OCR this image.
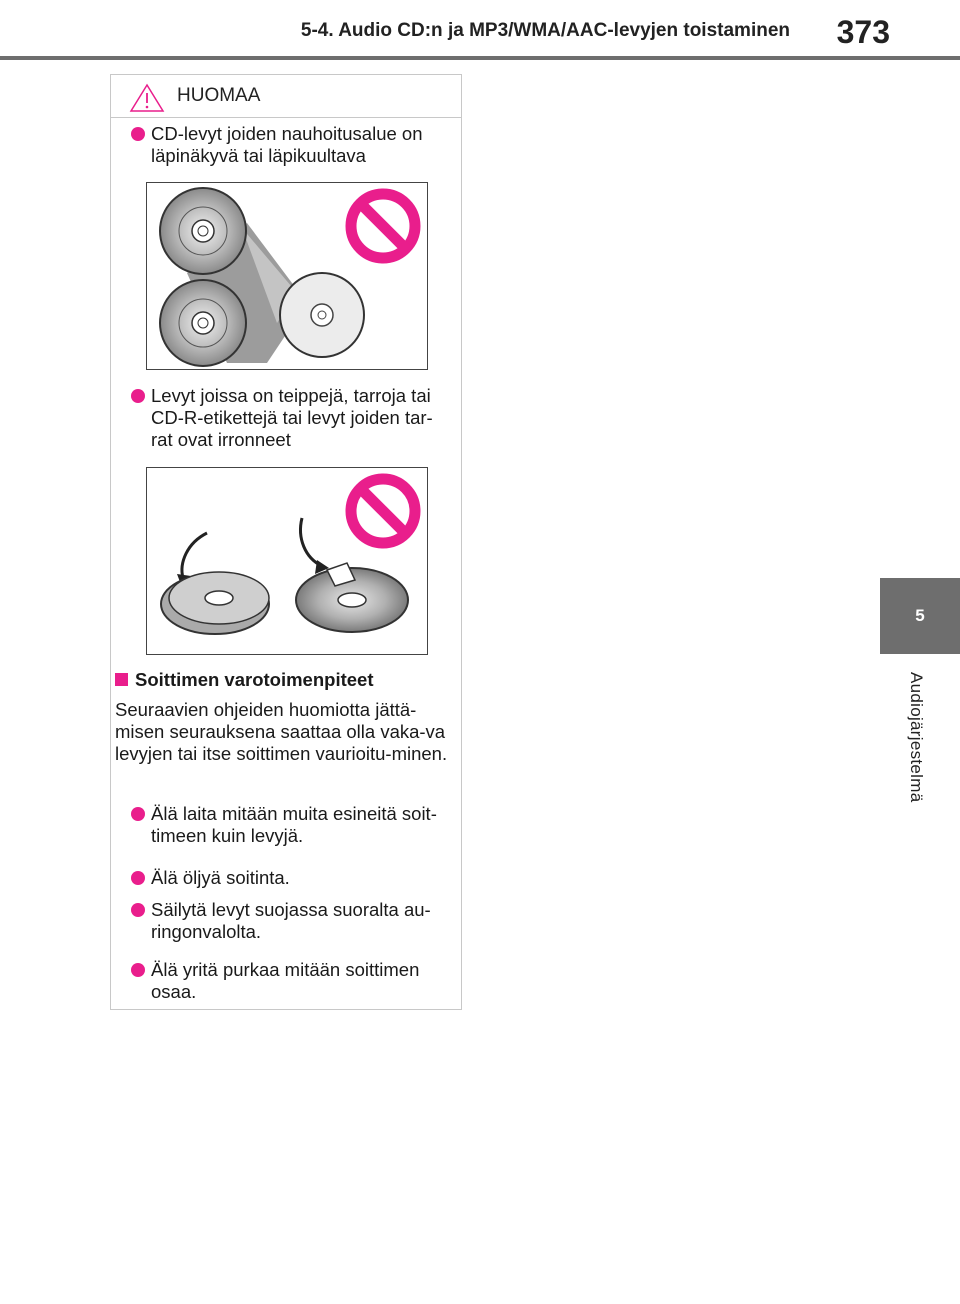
5-4. Audio CD:n ja MP3/WMA/AAC-levyjen toistaminen	373
5
Audiojärjestelmä
HUOMAA
CD-levyt joiden nauhoitusalue on läpinäkyvä tai läpikuultava
Levyt joissa on teippejä, tarroja tai CD-R-etikettejä tai levyt joiden tar-rat ovat irronneet
Soittimen varotoimenpiteet
Seuraavien ohjeiden huomiotta jättä-misen seurauksena saattaa olla vaka-va levyjen tai itse soittimen vaurioitu-minen.
Älä laita mitään muita esineitä soit-timeen kuin levyjä.
Älä öljyä soitinta.
Säilytä levyt suojassa suoralta au-ringonvalolta.
Älä yritä purkaa mitään soittimen osaa.
